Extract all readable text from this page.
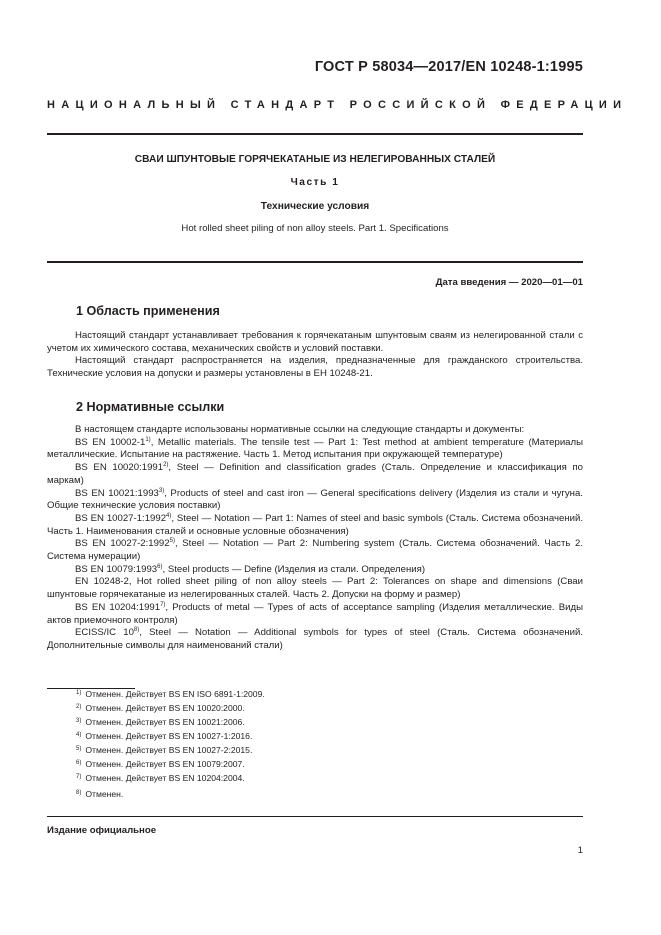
ГОСТ Р 58034—2017/EN 10248-1:1995
НАЦИОНАЛЬНЫЙ СТАНДАРТ РОССИЙСКОЙ ФЕДЕРАЦИИ
СВАИ ШПУНТОВЫЕ ГОРЯЧЕКАТАНЫЕ ИЗ НЕЛЕГИРОВАННЫХ СТАЛЕЙ
Часть 1
Технические условия
Hot rolled sheet piling of non alloy steels. Part 1. Specifications
Дата введения — 2020—01—01
1 Область применения

Настоящий стандарт устанавливает требования к горячекатаным шпунтовым сваям из нелегированной стали с учетом их химического состава, механических свойств и условий поставки.

Настоящий стандарт распространяется на изделия, предназначенные для гражданского строительства. Технические условия на допуски и размеры установлены в ЕН 10248-21.

2 Нормативные ссылки

В настоящем стандарте использованы нормативные ссылки на следующие стандарты и документы:

BS EN 10002-1$^{1)}$, Metallic materials. The tensile test — Part 1: Test method at ambient temperature (Материалы металлические. Испытание на растяжение. Часть 1. Метод испытания при окружающей температуре)

BS EN 10020:1991$^{2)}$, Steel — Definition and classification grades (Сталь. Определение и классификация по маркам)

BS EN 10021:1993$^{3)}$, Products of steel and cast iron — General specifications delivery (Изделия из стали и чугуна. Общие технические условия поставки)

BS EN 10027-1:1992$^{4)}$, Steel — Notation — Part 1: Names of steel and basic symbols (Сталь. Система обозначений. Часть 1. Наименования сталей и основные условные обозначения)

BS EN 10027-2:1992$^{5)}$, Steel — Notation — Part 2: Numbering system (Сталь. Система обозначений. Часть 2. Система нумерации)

BS EN 10079:1993$^{6)}$, Steel products — Define (Изделия из стали. Определения)

EN 10248-2, Hot rolled sheet piling of non alloy steels — Part 2: Tolerances on shape and dimensions (Сваи шпунтовые горячекатаные из нелегированных сталей. Часть 2. Допуски на форму и размер)

BS EN 10204:1991$^{7)}$, Products of metal — Types of acts of acceptance sampling (Изделия металлические. Виды актов приемочного контроля)

ECISS/IC 10$^{8)}$, Steel — Notation — Additional symbols for types of steel (Сталь. Система обозначений. Дополнительные символы для наименований стали)

$^{1)}$ Отменен. Действует BS EN ISO 6891-1:2009.
$^{2)}$ Отменен. Действует BS EN 10020:2000.
$^{3)}$ Отменен. Действует BS EN 10021:2006.
$^{4)}$ Отменен. Действует BS EN 10027-1:2016.
$^{5)}$ Отменен. Действует BS EN 10027-2:2015.
$^{6)}$ Отменен. Действует BS EN 10079:2007.
$^{7)}$ Отменен. Действует BS EN 10204:2004.
$^{8)}$ Отменен.
Издание официальное
1
